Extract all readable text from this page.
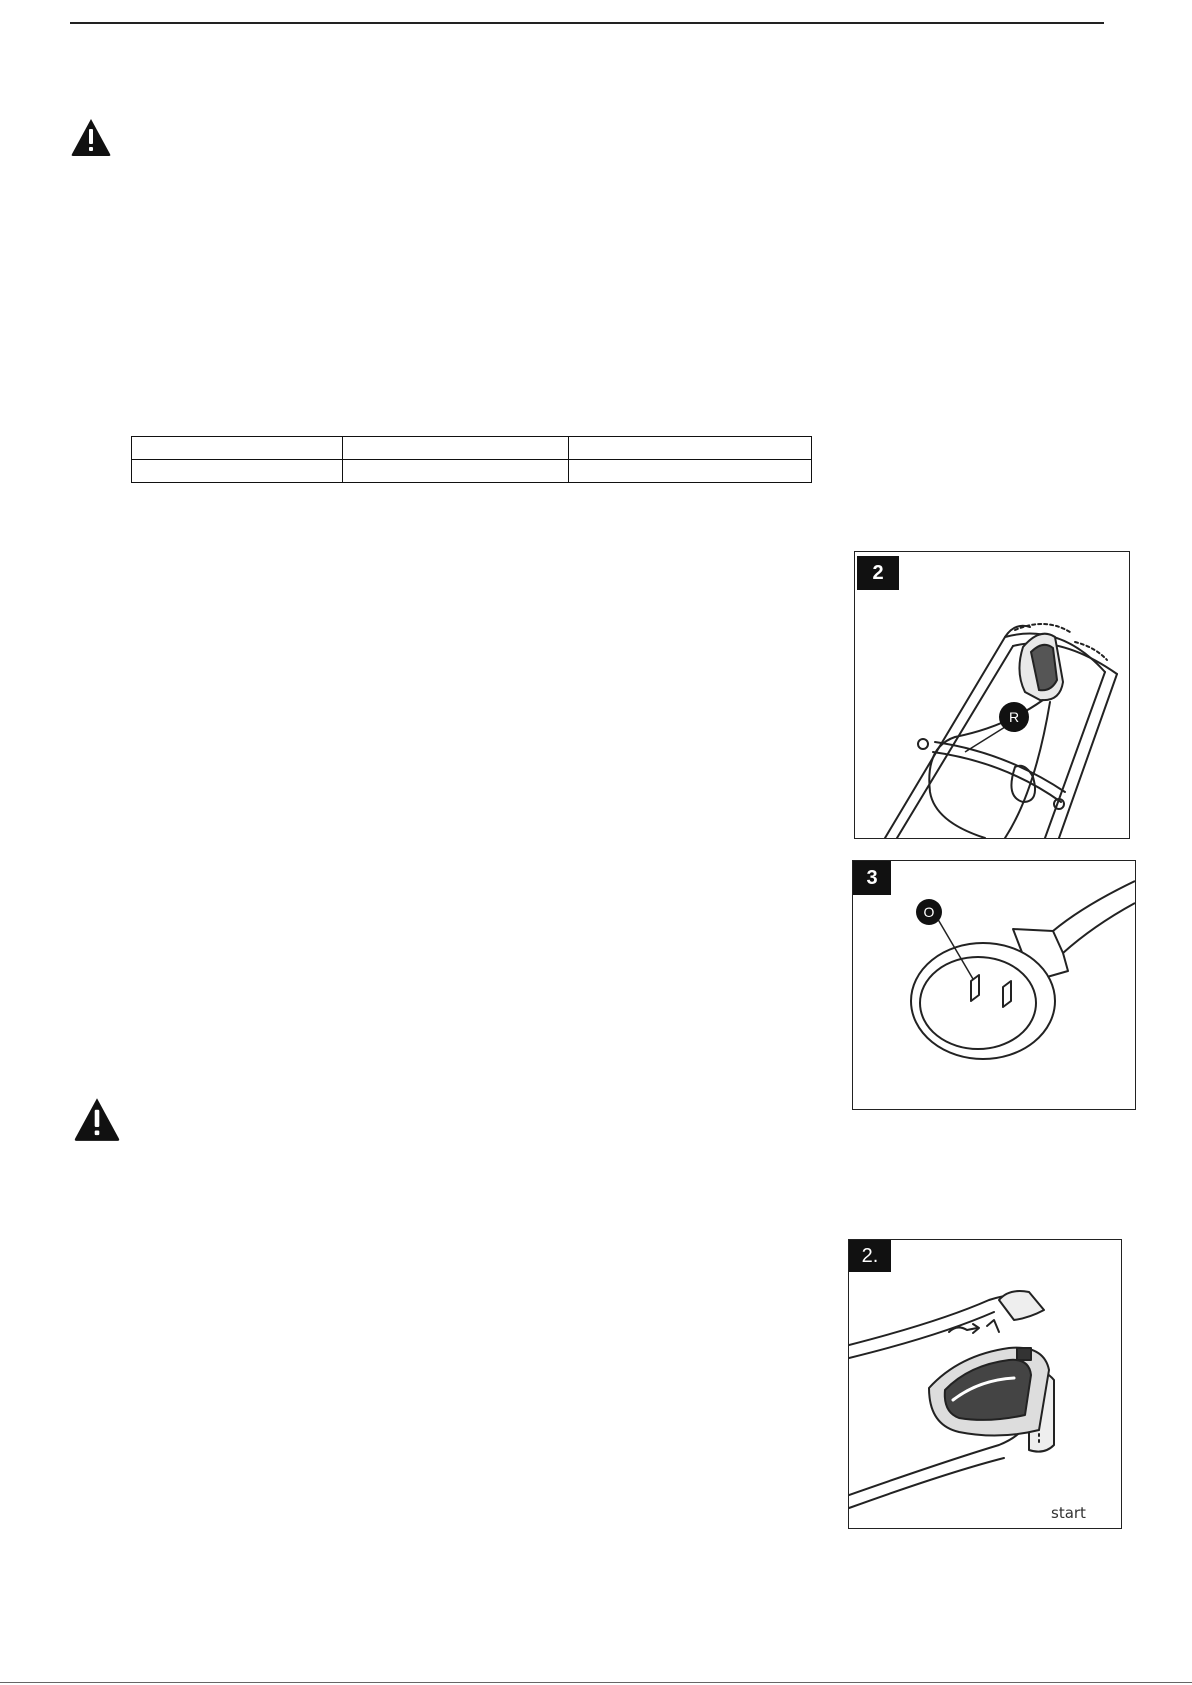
2
R
3
O
2.
start
